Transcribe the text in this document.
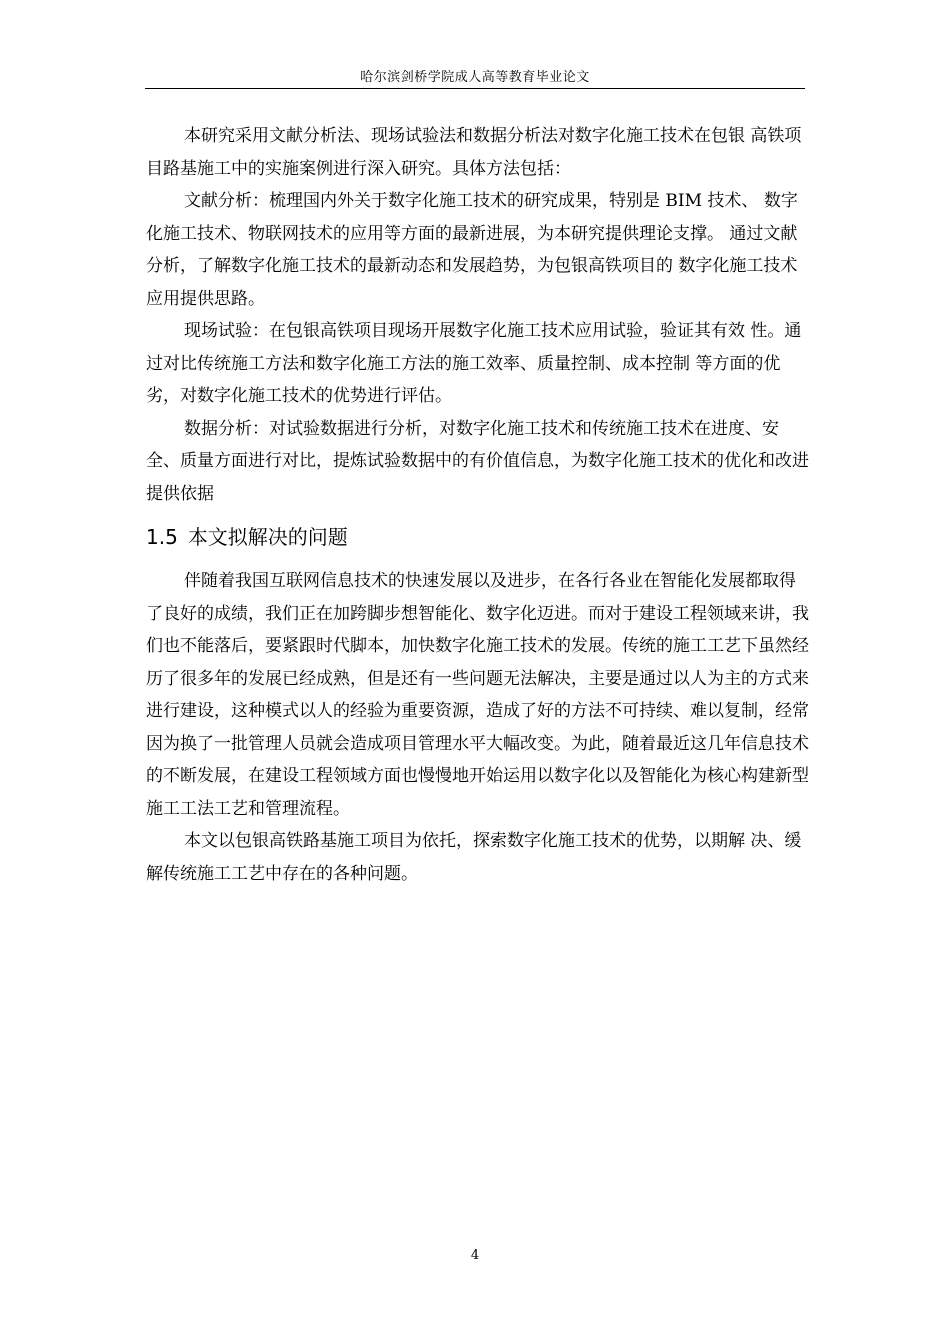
哈尔滨剑桥学院成人高等教育毕业论文

本研究采用文献分析法、现场试验法和数据分析法对数字化施工技术在包银 高铁项目路基施工中的实施案例进行深入研究。具体方法包括：

文献分析：梳理国内外关于数字化施工技术的研究成果，特别是 BIM 技术、 数字化施工技术、物联网技术的应用等方面的最新进展，为本研究提供理论支撑。 通过文献分析，了解数字化施工技术的最新动态和发展趋势，为包银高铁项目的 数字化施工技术应用提供思路。

现场试验：在包银高铁项目现场开展数字化施工技术应用试验，验证其有效 性。通过对比传统施工方法和数字化施工方法的施工效率、质量控制、成本控制 等方面的优劣，对数字化施工技术的优势进行评估。

数据分析：对试验数据进行分析，对数字化施工技术和传统施工技术在进度、安全、质量方面进行对比，提炼试验数据中的有价值信息，为数字化施工技术的优化和改进提供依据

1.5 本文拟解决的问题

伴随着我国互联网信息技术的快速发展以及进步，在各行各业在智能化发展都取得了良好的成绩，我们正在加跨脚步想智能化、数字化迈进。而对于建设工程领域来讲，我们也不能落后，要紧跟时代脚本，加快数字化施工技术的发展。传统的施工工艺下虽然经历了很多年的发展已经成熟，但是还有一些问题无法解决，主要是通过以人为主的方式来进行建设，这种模式以人的经验为重要资源，造成了好的方法不可持续、难以复制，经常因为换了一批管理人员就会造成项目管理水平大幅改变。为此，随着最近这几年信息技术的不断发展，在建设工程领域方面也慢慢地开始运用以数字化以及智能化为核心构建新型施工工法工艺和管理流程。

本文以包银高铁路基施工项目为依托，探索数字化施工技术的优势，以期解 决、缓解传统施工工艺中存在的各种问题。

4
